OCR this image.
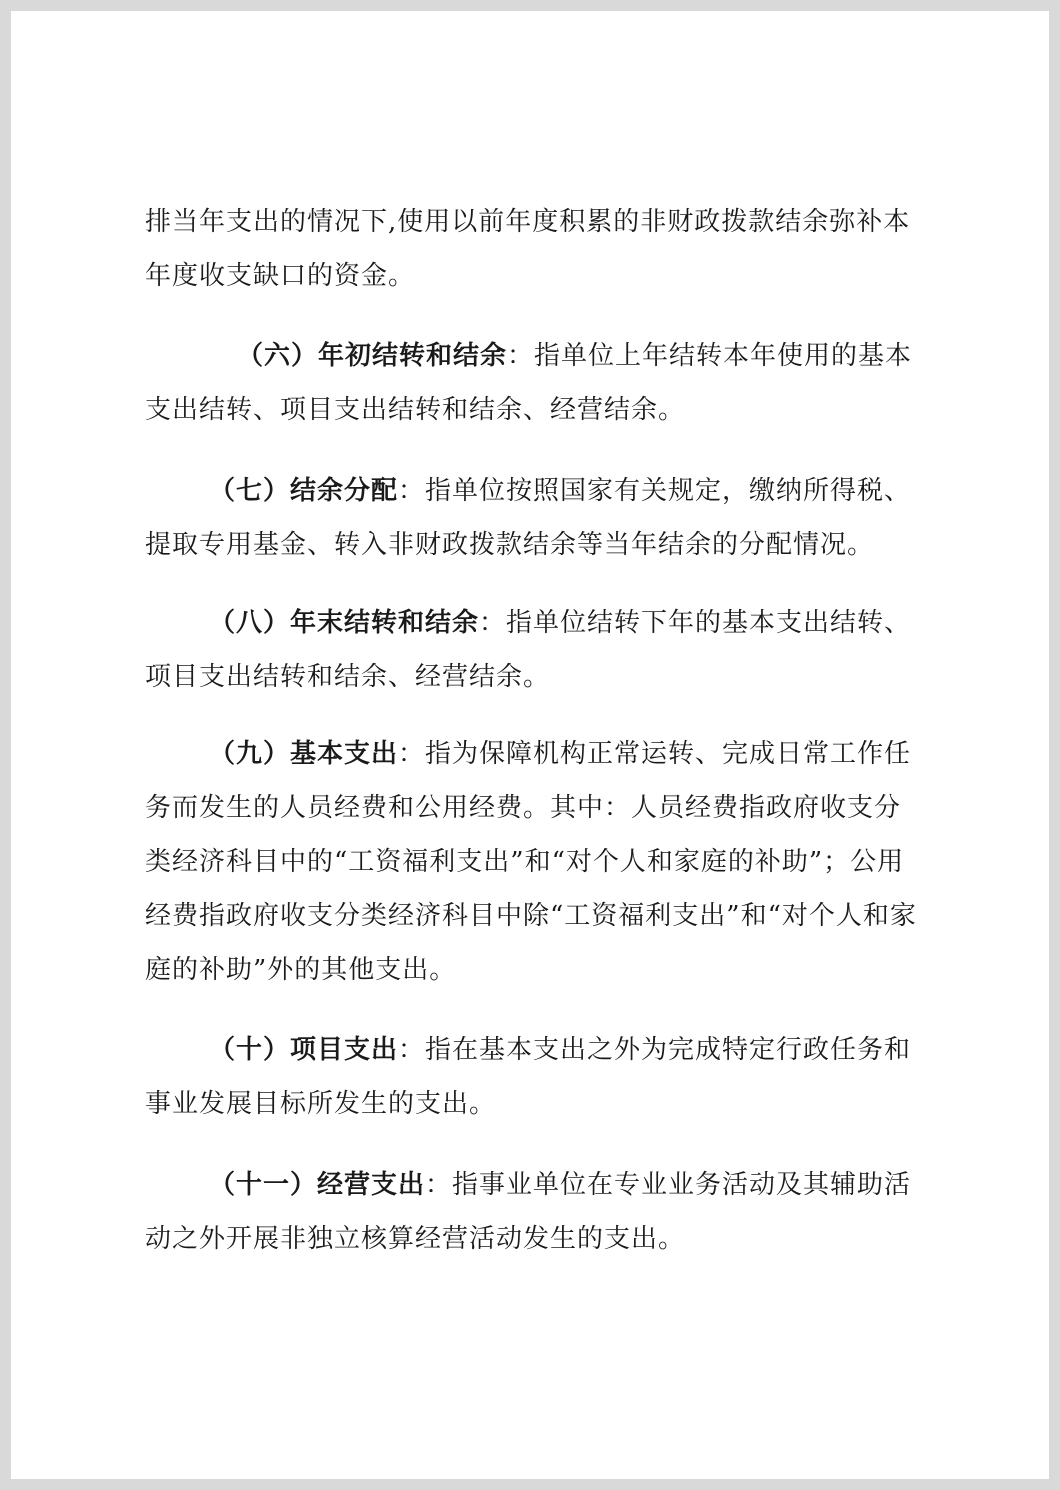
排当年支出的情况下,使用以前年度积累的非财政拨款结余弥补本年度收支缺口的资金。

（六）年初结转和结余：指单位上年结转本年使用的基本支出结转、项目支出结转和结余、经营结余。

（七）结余分配：指单位按照国家有关规定，缴纳所得税、提取专用基金、转入非财政拨款结余等当年结余的分配情况。

（八）年末结转和结余：指单位结转下年的基本支出结转、项目支出结转和结余、经营结余。

（九）基本支出：指为保障机构正常运转、完成日常工作任务而发生的人员经费和公用经费。其中：人员经费指政府收支分类经济科目中的“工资福利支出”和“对个人和家庭的补助”；公用经费指政府收支分类经济科目中除“工资福利支出”和“对个人和家庭的补助”外的其他支出。

（十）项目支出：指在基本支出之外为完成特定行政任务和事业发展目标所发生的支出。

（十一）经营支出：指事业单位在专业业务活动及其辅助活动之外开展非独立核算经营活动发生的支出。
